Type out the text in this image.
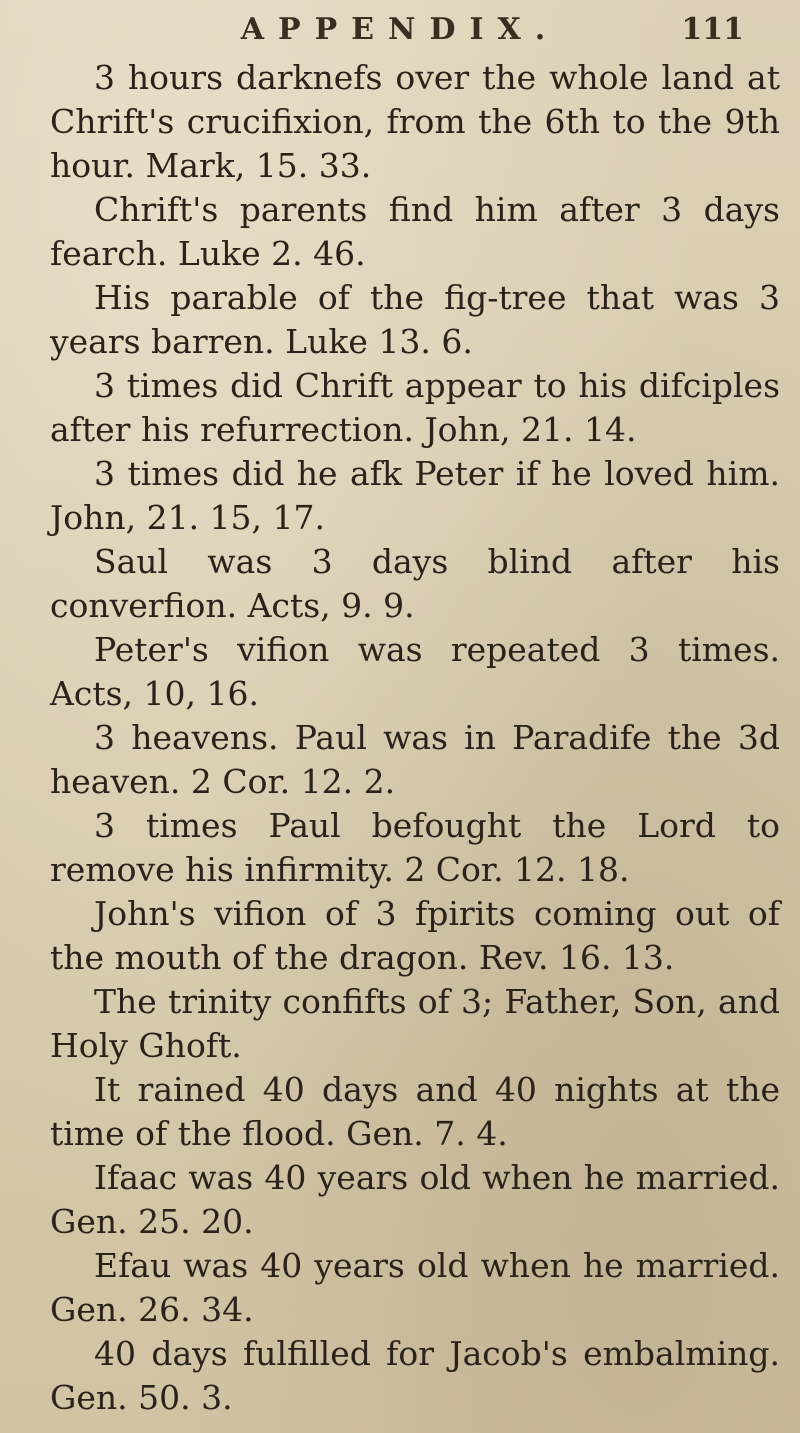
APPENDIX.	111

3 hours darknefs over the whole land at Chrift's crucifixion, from the 6th to the 9th hour. Mark, 15. 33.

Chrift's parents find him after 3 days fearch. Luke 2. 46.

His parable of the fig-tree that was 3 years barren. Luke 13. 6.

3 times did Chrift appear to his difciples after his refurrection. John, 21. 14.

3 times did he afk Peter if he loved him. John, 21. 15, 17.

Saul was 3 days blind after his converfion. Acts, 9. 9.

Peter's vifion was repeated 3 times. Acts, 10, 16.

3 heavens. Paul was in Paradife the 3d heaven. 2 Cor. 12. 2.

3 times Paul befought the Lord to remove his infirmity. 2 Cor. 12. 18.

John's vifion of 3 fpirits coming out of the mouth of the dragon. Rev. 16. 13.

The trinity confifts of 3; Father, Son, and Holy Ghoft.

It rained 40 days and 40 nights at the time of the flood. Gen. 7. 4.

Ifaac was 40 years old when he married. Gen. 25. 20.

Efau was 40 years old when he married. Gen. 26. 34.

40 days fulfilled for Jacob's embalming. Gen. 50. 3.
